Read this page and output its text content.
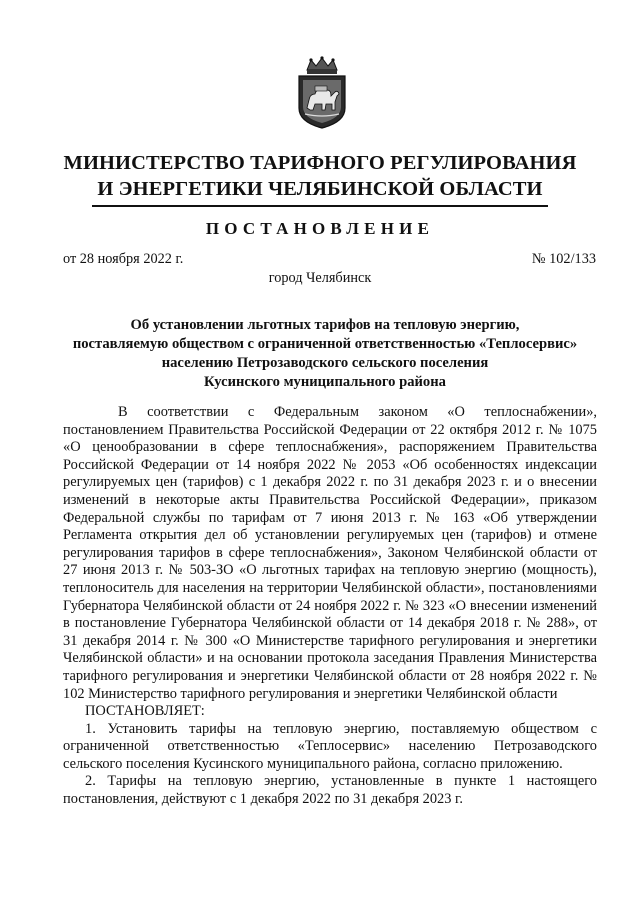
МИНИСТЕРСТВО ТАРИФНОГО РЕГУЛИРОВАНИЯ
И ЭНЕРГЕТИКИ ЧЕЛЯБИНСКОЙ ОБЛАСТИ
ПОСТАНОВЛЕНИЕ
от 28 ноября 2022 г.	№ 102/133
город Челябинск
Об установлении льготных тарифов на тепловую энергию,
поставляемую обществом с ограниченной ответственностью «Теплосервис»
населению Петрозаводского сельского поселения
Кусинского муниципального района

В соответствии с Федеральным законом «О теплоснабжении», постановлением Правительства Российской Федерации от 22 октября 2012 г. № 1075 «О ценообразовании в сфере теплоснабжения», распоряжением Правительства Российской Федерации от 14 ноября 2022 № 2053 «Об особенностях индексации регулируемых цен (тарифов) с 1 декабря 2022 г. по 31 декабря 2023 г. и о внесении изменений в некоторые акты Правительства Российской Федерации», приказом Федеральной службы по тарифам от 7 июня 2013 г. № 163 «Об утверждении Регламента открытия дел об установлении регулируемых цен (тарифов) и отмене регулирования тарифов в сфере теплоснабжения», Законом Челябинской области от 27 июня 2013 г. № 503-ЗО «О льготных тарифах на тепловую энергию (мощность), теплоноситель для населения на территории Челябинской области», постановлениями Губернатора Челябинской области от 24 ноября 2022 г. № 323 «О внесении изменений в постановление Губернатора Челябинской области от 14 декабря 2018 г. № 288», от 31 декабря 2014 г. № 300 «О Министерстве тарифного регулирования и энергетики Челябинской области» и на основании протокола заседания Правления Министерства тарифного регулирования и энергетики Челябинской области от 28 ноября 2022 г. № 102 Министерство тарифного регулирования и энергетики Челябинской области

ПОСТАНОВЛЯЕТ:

1. Установить тарифы на тепловую энергию, поставляемую обществом с ограниченной ответственностью «Теплосервис» населению Петрозаводского сельского поселения Кусинского муниципального района, согласно приложению.

2. Тарифы на тепловую энергию, установленные в пункте 1 настоящего постановления, действуют с 1 декабря 2022 по 31 декабря 2023 г.
